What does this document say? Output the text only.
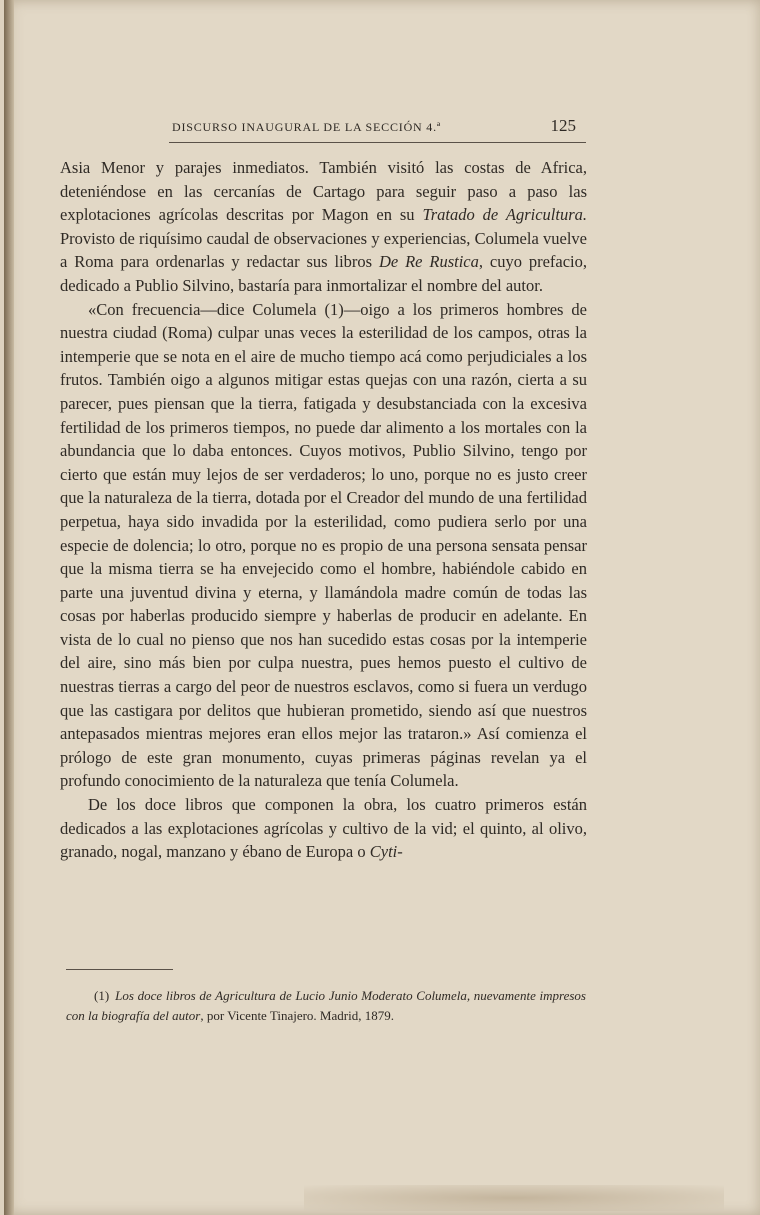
DISCURSO INAUGURAL DE LA SECCIÓN 4.ª	125

Asia Menor y parajes inmediatos. También visitó las costas de Africa, deteniéndose en las cercanías de Cartago para seguir paso a paso las explotaciones agrícolas descritas por Magon en su Tratado de Agricultura. Provisto de riquísimo caudal de observaciones y experiencias, Columela vuelve a Roma para ordenarlas y redactar sus libros De Re Rustica, cuyo prefacio, dedicado a Publio Silvino, bastaría para inmortalizar el nombre del autor.

«Con frecuencia—dice Columela (1)—oigo a los primeros hombres de nuestra ciudad (Roma) culpar unas veces la esterilidad de los campos, otras la intemperie que se nota en el aire de mucho tiempo acá como perjudiciales a los frutos. También oigo a algunos mitigar estas quejas con una razón, cierta a su parecer, pues piensan que la tierra, fatigada y desubstanciada con la excesiva fertilidad de los primeros tiempos, no puede dar alimento a los mortales con la abundancia que lo daba entonces. Cuyos motivos, Publio Silvino, tengo por cierto que están muy lejos de ser verdaderos; lo uno, porque no es justo creer que la naturaleza de la tierra, dotada por el Creador del mundo de una fertilidad perpetua, haya sido invadida por la esterilidad, como pudiera serlo por una especie de dolencia; lo otro, porque no es propio de una persona sensata pensar que la misma tierra se ha envejecido como el hombre, habiéndole cabido en parte una juventud divina y eterna, y llamándola madre común de todas las cosas por haberlas producido siempre y haberlas de producir en adelante. En vista de lo cual no pienso que nos han sucedido estas cosas por la intemperie del aire, sino más bien por culpa nuestra, pues hemos puesto el cultivo de nuestras tierras a cargo del peor de nuestros esclavos, como si fuera un verdugo que las castigara por delitos que hubieran prometido, siendo así que nuestros antepasados mientras mejores eran ellos mejor las trataron.» Así comienza el prólogo de este gran monumento, cuyas primeras páginas revelan ya el profundo conocimiento de la naturaleza que tenía Columela.

De los doce libros que componen la obra, los cuatro primeros están dedicados a las explotaciones agrícolas y cultivo de la vid; el quinto, al olivo, granado, nogal, manzano y ébano de Europa o Cyti-

(1) Los doce libros de Agricultura de Lucio Junio Moderato Columela, nuevamente impresos con la biografía del autor, por Vicente Tinajero. Madrid, 1879.
